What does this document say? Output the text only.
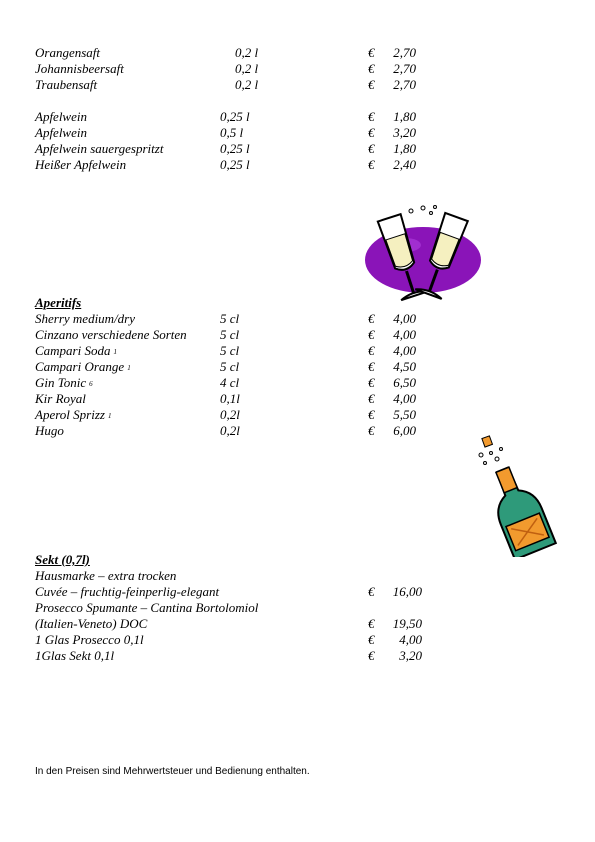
Orangensaft	0,2 l	€	2,70
Johannisbeersaft	0,2 l	€	2,70
Traubensaft	0,2 l	€	2,70
Apfelwein	0,25 l	€	1,80
Apfelwein	0,5 l	€	3,20
Apfelwein sauergespritzt	0,25 l	€	1,80
Heißer Apfelwein	0,25 l	€	2,40
Aperitifs
Sherry medium/dry	5 cl	€	4,00
Cinzano verschiedene Sorten	5 cl	€	4,00
Campari Soda 1	5 cl	€	4,00
Campari Orange 1	5 cl	€	4,50
Gin Tonic 6	4 cl	€	6,50
Kir Royal	0,1l	€	4,00
Aperol Sprizz 1	0,2l	€	5,50
Hugo	0,2l	€	6,00
Sekt (0,7l)
Hausmarke – extra trocken
Cuvée – fruchtig-feinperlig-elegant	€	16,00
Prosecco Spumante – Cantina Bortolomiol
(Italien-Veneto) DOC	€	19,50
1 Glas Prosecco 0,1l	€	4,00
1Glas Sekt 0,1l	€	3,20
In den Preisen sind Mehrwertsteuer und Bedienung enthalten.
